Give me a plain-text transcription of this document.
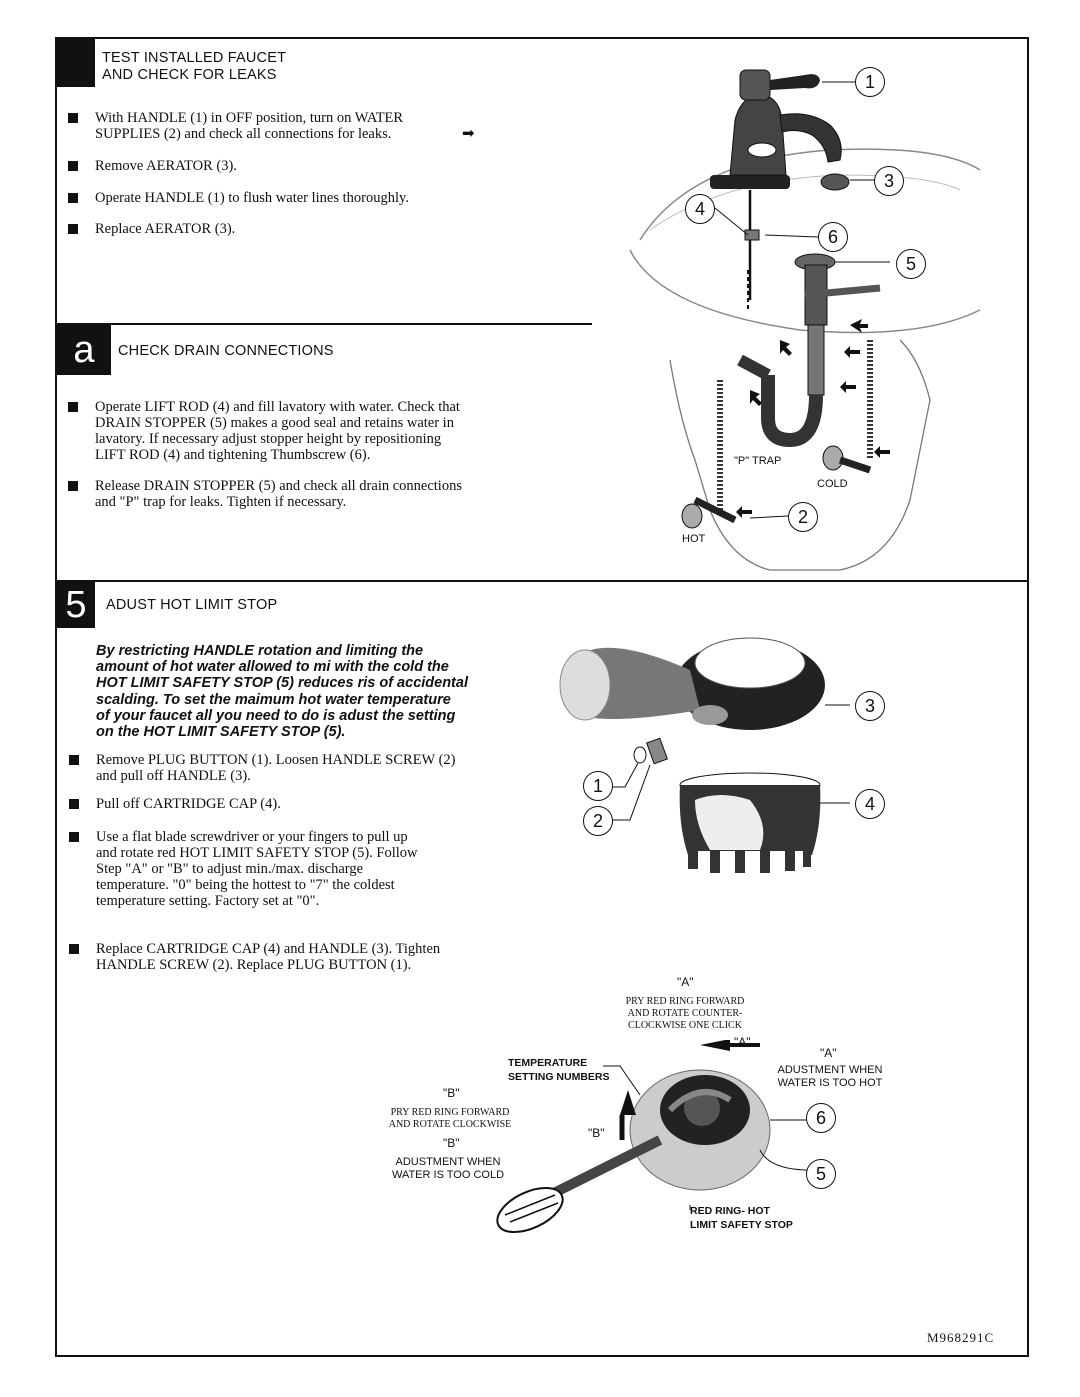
TEST INSTALLED FAUCET
AND CHECK FOR LEAKS
With HANDLE (1) in OFF position, turn on WATER
SUPPLIES (2) and check all connections for leaks.	➡
Remove AERATOR (3).
Operate HANDLE (1) to flush water lines thoroughly.
Replace AERATOR (3).
a	CHECK DRAIN CONNECTIONS
Operate LIFT ROD (4) and fill lavatory with water. Check that
DRAIN STOPPER (5) makes a good seal and retains water in
lavatory. If necessary adjust stopper height by repositioning
LIFT ROD (4) and tightening Thumbscrew (6).
Release DRAIN STOPPER (5) and check all drain connections
and "P" trap for leaks. Tighten if necessary.
1
3
4
6
5
2
"P" TRAP
COLD
HOT
5	ADUST HOT LIMIT STOP
By restricting HANDLE rotation and limiting the
amount of hot water allowed to mi with the cold the
HOT LIMIT SAFETY STOP (5) reduces ris of accidental
scalding. To set the maimum hot water temperature
of your faucet all you need to do is adust the setting
on the HOT LIMIT SAFETY STOP (5).
Remove PLUG BUTTON (1). Loosen HANDLE SCREW (2)
and pull off HANDLE (3).
Pull off CARTRIDGE CAP (4).
Use a flat blade screwdriver or your fingers to pull up
and rotate red HOT LIMIT SAFETY STOP (5). Follow
Step "A" or "B" to adjust min./max. discharge
temperature. "0" being the hottest to "7" the coldest
temperature setting. Factory set at "0".
Replace CARTRIDGE CAP (4) and HANDLE (3). Tighten
HANDLE SCREW (2). Replace PLUG BUTTON (1).
3
1
2
4
"A"
PRY RED RING FORWARD
AND ROTATE COUNTER-
CLOCKWISE ONE CLICK
"A"
"A"
ADUSTMENT WHEN
WATER IS TOO HOT
TEMPERATURE
SETTING NUMBERS
"B"
PRY RED RING FORWARD
AND ROTATE CLOCKWISE
"B"
"B"
ADUSTMENT WHEN
WATER IS TOO COLD
RED RING- HOT
LIMIT SAFETY STOP
6
5
M968291C
